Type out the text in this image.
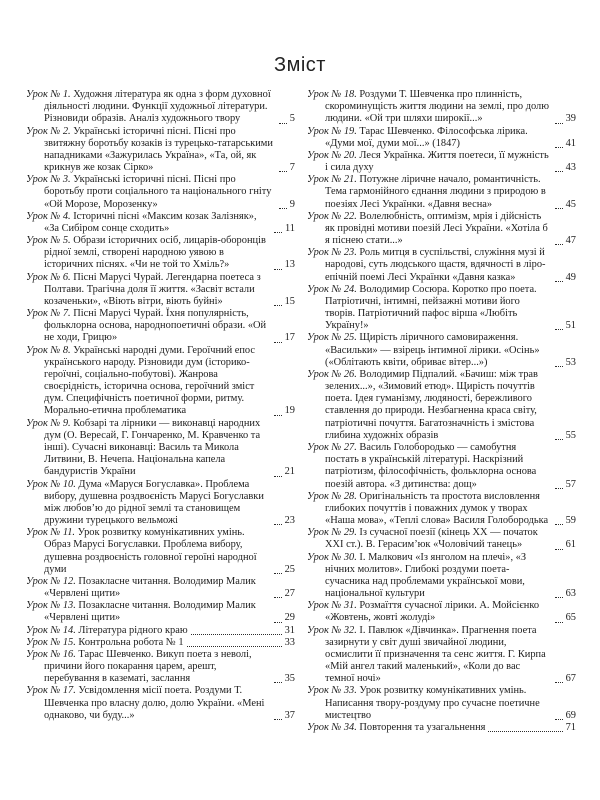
Зміст
Урок № 1. Художня література як одна з форм духовної діяльності людини. Функції художньої літератури. Різновиди образів. Аналіз художнього твору	5
Урок № 2. Українські історичні пісні. Пісні про звитяжну боротьбу козаків із турецько-татарськими нападниками «Зажурилась Україна», «Та, ой, як крикнув же козак Сірко»	7
Урок № 3. Українські історичні пісні. Пісні про боротьбу проти соціального та національного гніту «Ой Морозе, Морозенку»	9
Урок № 4. Історичні пісні «Максим козак Залізняк», «За Сибіром сонце сходить»	11
Урок № 5. Образи історичних осіб, лицарів-оборонців рідної землі, створені народною уявою в історичних піснях. «Чи не той то Хміль?»	13
Урок № 6. Пісні Марусі Чурай. Легендарна поетеса з Полтави. Трагічна доля її життя. «Засвіт встали козаченьки», «Віють вітри, віють буйні»	15
Урок № 7. Пісні Марусі Чурай. Їхня популярність, фольклорна основа, народнопоетичні образи. «Ой не ходи, Грицю»	17
Урок № 8. Українські народні думи. Героїчний епос українського народу. Різновиди дум (історико-героїчні, соціально-побутові). Жанрова своєрідність, історична основа, героїчний зміст дум. Специфічність поетичної форми, ритму. Морально-етична проблематика	19
Урок № 9. Кобзарі та лірники — виконавці народних дум (О. Вересай, Г. Гончаренко, М. Кравченко та інші). Сучасні виконавці: Василь та Микола Литвини, В. Нечепа. Національна капела бандуристів України	21
Урок № 10. Дума «Маруся Богуславка». Проблема вибору, душевна роздвоєність Марусі Богуславки між любов’ю до рідної землі та становищем дружини турецького вельможі	23
Урок № 11. Урок розвитку комунікативних умінь. Образ Марусі Богуславки. Проблема вибору, душевна роздвоєність головної героїні народної думи	25
Урок № 12. Позакласне читання. Володимир Малик «Червлені щити»	27
Урок № 13. Позакласне читання. Володимир Малик «Червлені щити»	29
Урок № 14. Література рідного краю	31
Урок № 15. Контрольна робота № 1	33
Урок № 16. Тарас Шевченко. Викуп поета з неволі, причини його покарання царем, арешт, перебування в казематі, заслання	35
Урок № 17. Усвідомлення місії поета. Роздуми Т. Шевченка про власну долю, долю України. «Мені однаково, чи буду...»	37
Урок № 18. Роздуми Т. Шевченка про плинність, скороминущість життя людини на землі, про долю людини. «Ой три шляхи широкії...»	39
Урок № 19. Тарас Шевченко. Філософська лірика. «Думи мої, думи мої...» (1847)	41
Урок № 20. Леся Українка. Життя поетеси, її мужність і сила духу	43
Урок № 21. Потужне ліричне начало, романтичність. Тема гармонійного єднання людини з природою в поезіях Лесі Українки. «Давня весна»	45
Урок № 22. Волелюбність, оптимізм, мрія і дійсність як провідні мотиви поезій Лесі України. «Хотіла б я піснею стати...»	47
Урок № 23. Роль митця в суспільстві, служіння музі й народові, суть людського щастя, вдячності в ліро-епічній поемі Лесі Українки «Давня казка»	49
Урок № 24. Володимир Сосюра. Коротко про поета. Патріотичні, інтимні, пейзажні мотиви його творів. Патріотичний пафос вірша «Любіть Україну!»	51
Урок № 25. Щирість ліричного самовираження. «Васильки» — взірець інтимної лірики. «Осінь» («Облітають квіти, обриває вітер...»)	53
Урок № 26. Володимир Підпалий. «Бачиш: між трав зелених...», «Зимовий етюд». Щирість почуттів поета. Ідея гуманізму, людяності, бережливого ставлення до природи. Незбагненна краса світу, патріотичні почуття. Багатозначність і змістова глибина художніх образів	55
Урок № 27. Василь Голобородько — самобутня постать в українській літературі. Наскрізний патріотизм, філософічність, фольклорна основа поезій автора. «З дитинства: дощ»	57
Урок № 28. Оригінальність та простота висловлення глибоких почуттів і поважних думок у творах «Наша мова», «Теплі слова» Василя Голобородька	59
Урок № 29. Із сучасної поезії (кінець XX — початок XXI ст.). В. Герасим’юк «Чоловічий танець»	61
Урок № 30. І. Малкович «Із янголом на плечі», «З нічних молитов». Глибокі роздуми поета-сучасника над проблемами української мови, національної культури	63
Урок № 31. Розмаїття сучасної лірики. А. Мойсієнко «Жовтень, жовті жолуді»	65
Урок № 32. І. Павлюк «Дівчинка». Прагнення поета зазирнути у світ душі звичайної людини, осмислити її призначення та сенс життя. Г. Кирпа «Мій ангел такий маленький», «Коли до вас темної ночі»	67
Урок № 33. Урок розвитку комунікативних умінь. Написання твору-роздуму про сучасне поетичне мистецтво	69
Урок № 34. Повторення та узагальнення	71
